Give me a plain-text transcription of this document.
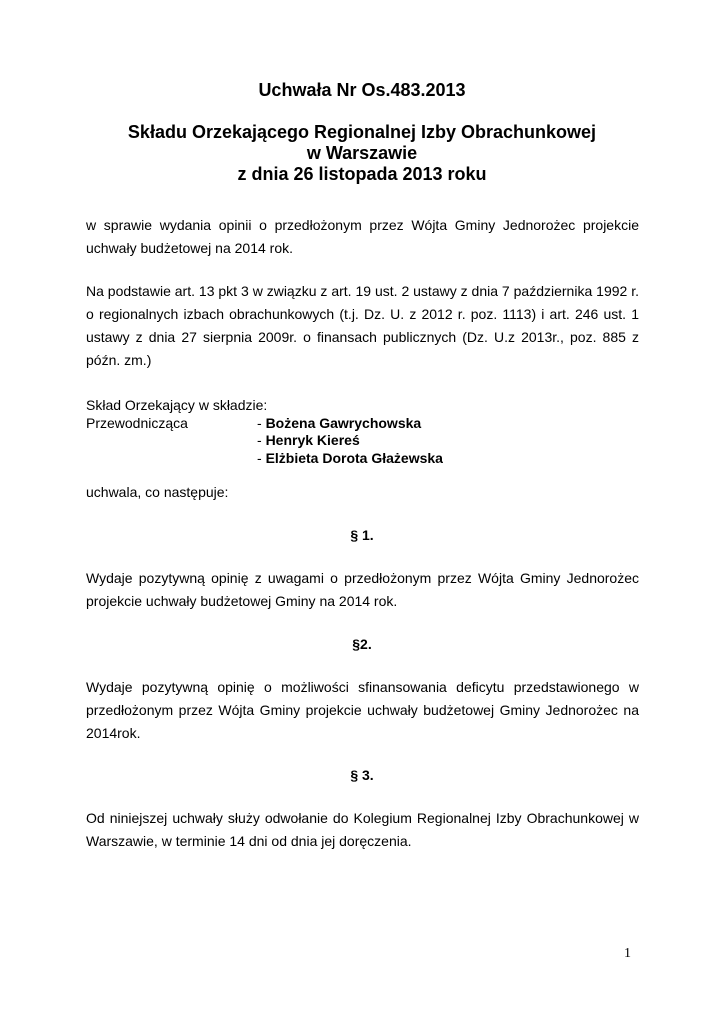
Uchwała Nr Os.483.2013
Składu Orzekającego Regionalnej Izby Obrachunkowej
w Warszawie
z dnia 26 listopada 2013 roku
w sprawie wydania opinii o przedłożonym przez Wójta Gminy Jednorożec projekcie uchwały budżetowej na 2014 rok.
Na podstawie art. 13 pkt 3 w związku z art. 19 ust. 2 ustawy z dnia 7 października 1992 r. o regionalnych izbach obrachunkowych (t.j. Dz. U. z 2012 r. poz. 1113) i art. 246 ust. 1 ustawy z dnia 27 sierpnia 2009r. o finansach publicznych (Dz. U.z 2013r., poz. 885 z późn. zm.)
Skład Orzekający w składzie:
Przewodnicząca	- Bożena Gawrychowska
- Henryk Kiereś
- Elżbieta Dorota Głażewska
uchwala, co następuje:
§ 1.
Wydaje pozytywną opinię z uwagami o przedłożonym przez Wójta Gminy Jednorożec projekcie uchwały budżetowej Gminy na 2014 rok.
§2.
Wydaje pozytywną opinię o możliwości sfinansowania deficytu przedstawionego w przedłożonym przez Wójta Gminy projekcie uchwały budżetowej Gminy Jednorożec na 2014rok.
§ 3.
Od niniejszej uchwały służy odwołanie do Kolegium Regionalnej Izby Obrachunkowej w Warszawie, w terminie 14 dni od dnia jej doręczenia.
1
